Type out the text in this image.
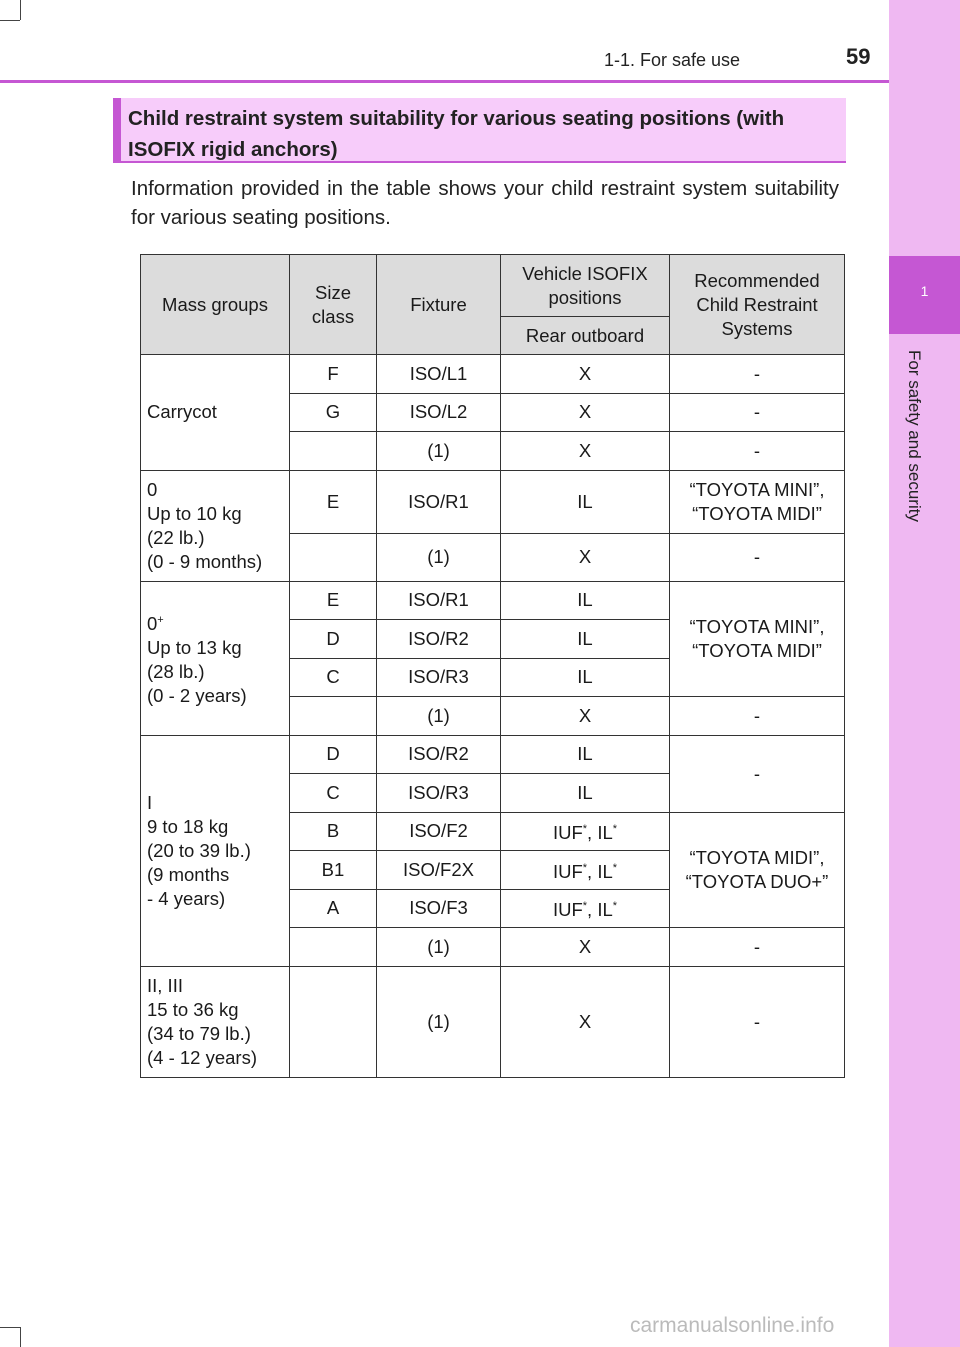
1
For safety and security
1-1. For safe use	59
Child restraint system suitability for various seating positions (with ISOFIX rigid anchors)
Information provided in the table shows your child restraint system suitability for various seating positions.
Mass groups	Size class	Fixture	Vehicle ISOFIX positions	Recommended Child Restraint Systems
			Rear outboard	
Carrycot	F	ISO/L1	X	-
	G	ISO/L2	X	-
		(1)	X	-
0
Up to 10 kg
(22 lb.)
(0 - 9 months)	E	ISO/R1	IL	“TOYOTA MINI”, “TOYOTA MIDI”
		(1)	X	-
0+
Up to 13 kg
(28 lb.)
(0 - 2 years)	E	ISO/R1	IL	“TOYOTA MINI”, “TOYOTA MIDI”
	D	ISO/R2	IL	
	C	ISO/R3	IL	
		(1)	X	-
I
9 to 18 kg
(20 to 39 lb.)
(9 months
- 4 years)	D	ISO/R2	IL	-
	C	ISO/R3	IL	
	B	ISO/F2	IUF*, IL*	“TOYOTA MIDI”, “TOYOTA DUO+”
	B1	ISO/F2X	IUF*, IL*
	A	ISO/F3	IUF*, IL*
		(1)	X	-
II, III
15 to 36 kg
(34 to 79 lb.)
(4 - 12 years)		(1)	X	-
carmanualsonline.info
